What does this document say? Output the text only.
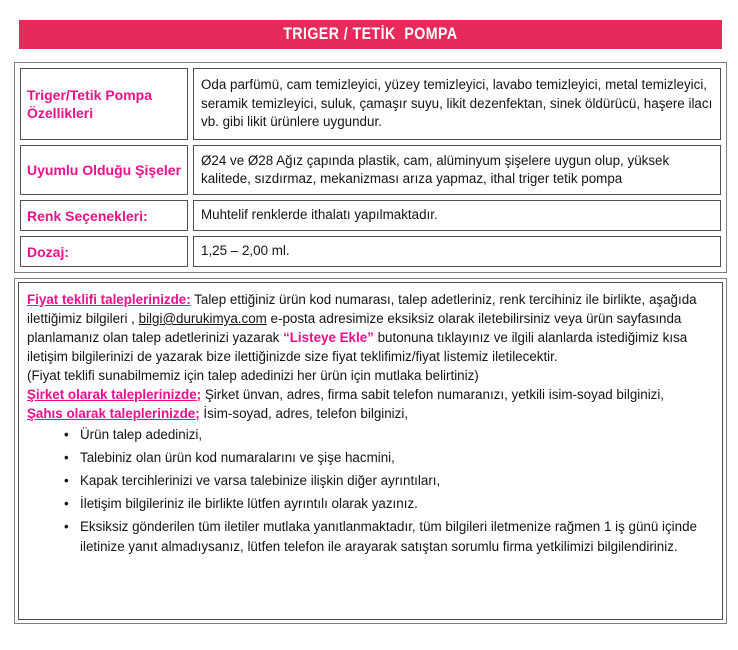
TRIGER / TETİK  POMPA
Triger/Tetik Pompa Özellikleri	Oda parfümü, cam temizleyici, yüzey temizleyici, lavabo temizleyici, metal temizleyici, seramik temizleyici, suluk, çamaşır suyu, likit dezenfektan, sinek öldürücü, haşere ilacı vb. gibi likit ürünlere uygundur.
Uyumlu Olduğu Şişeler	Ø24 ve Ø28 Ağız çapında plastik, cam, alüminyum şişelere uygun olup, yüksek kalitede, sızdırmaz, mekanizması arıza yapmaz, ithal triger tetik pompa
Renk Seçenekleri:	Muhtelif renklerde ithalatı yapılmaktadır.
Dozaj:	1,25 – 2,00 ml.

Fiyat teklifi taleplerinizde: Talep ettiğiniz ürün kod numarası, talep adetleriniz, renk tercihiniz ile birlikte, aşağıda ilettiğimiz bilgileri , bilgi@durukimya.com e-posta adresimize eksiksiz olarak iletebilirsiniz veya ürün sayfasında planlamanız olan talep adetlerinizi yazarak “Listeye Ekle” butonuna tıklayınız ve ilgili alanlarda istediğimiz kısa iletişim bilgilerinizi de yazarak bize ilettiğinizde size fiyat teklifimiz/fiyat listemiz iletilecektir.

(Fiyat teklifi sunabilmemiz için talep adedinizi her ürün için mutlaka belirtiniz)

Şirket olarak taleplerinizde; Şirket ünvan, adres, firma sabit telefon numaranızı, yetkili isim-soyad bilginizi,

Şahıs olarak taleplerinizde; İsim-soyad, adres, telefon bilginizi,

• Ürün talep adedinizi,
• Talebiniz olan ürün kod numaralarını ve şişe hacmini,
• Kapak tercihlerinizi ve varsa talebinize ilişkin diğer ayrıntıları,
• İletişim bilgileriniz ile birlikte lütfen ayrıntılı olarak yazınız.
• Eksiksiz gönderilen tüm iletiler mutlaka yanıtlanmaktadır, tüm bilgileri iletmenize rağmen 1 iş günü içinde iletinize yanıt almadıysanız, lütfen telefon ile arayarak satıştan sorumlu firma yetkilimizi bilgilendiriniz.
